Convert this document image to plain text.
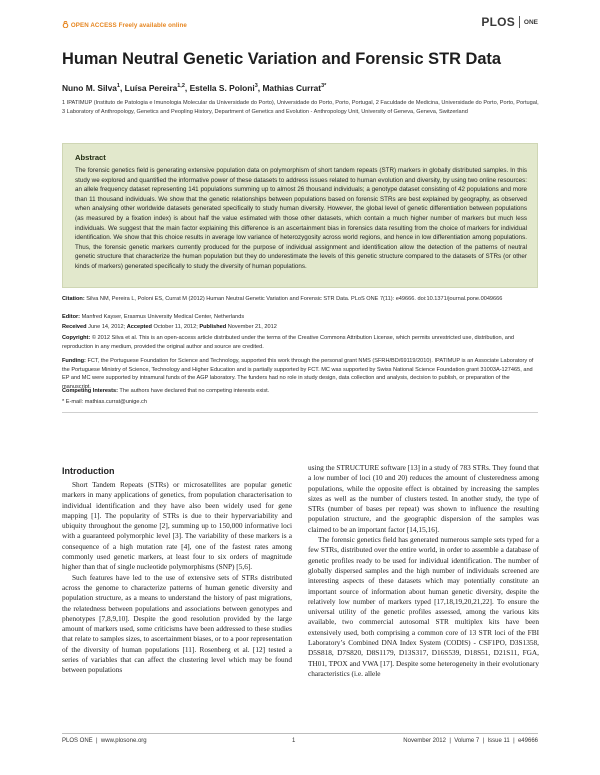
OPEN ACCESS Freely available online	PLOS ONE
Human Neutral Genetic Variation and Forensic STR Data
Nuno M. Silva$^1$, Luísa Pereira$^{1,2}$, Estella S. Poloni$^3$, Mathias Currat$^{3*}$
1 IPATIMUP (Instituto de Patologia e Imunologia Molecular da Universidade do Porto), Universidade do Porto, Porto, Portugal, 2 Faculdade de Medicina, Universidade do Porto, Porto, Portugal, 3 Laboratory of Anthropology, Genetics and Peopling History, Department of Genetics and Evolution - Anthropology Unit, University of Geneva, Geneva, Switzerland
Abstract
The forensic genetics field is generating extensive population data on polymorphism of short tandem repeats (STR) markers in globally distributed samples. In this study we explored and quantified the informative power of these datasets to address issues related to human evolution and diversity, by using two online resources: an allele frequency dataset representing 141 populations summing up to almost 26 thousand individuals; a genotype dataset consisting of 42 populations and more than 11 thousand individuals. We show that the genetic relationships between populations based on forensic STRs are best explained by geography, as observed when analysing other worldwide datasets generated specifically to study human diversity. However, the global level of genetic differentiation between populations (as measured by a fixation index) is about half the value estimated with those other datasets, which contain a much higher number of markers but much less individuals. We suggest that the main factor explaining this difference is an ascertainment bias in forensics data resulting from the choice of markers for individual identification. We show that this choice results in average low variance of heterozygosity across world regions, and hence in low differentiation among populations. Thus, the forensic genetic markers currently produced for the purpose of individual assignment and identification allow the detection of the patterns of neutral genetic structure that characterize the human population but they do underestimate the levels of this genetic structure compared to the datasets of STRs (or other kinds of markers) generated specifically to study the diversity of human populations.
Citation: Silva NM, Pereira L, Poloni ES, Currat M (2012) Human Neutral Genetic Variation and Forensic STR Data. PLoS ONE 7(11): e49666. doi:10.1371/journal.pone.0049666
Editor: Manfred Kayser, Erasmus University Medical Center, Netherlands
Received June 14, 2012; Accepted October 11, 2012; Published November 21, 2012
Copyright: © 2012 Silva et al. This is an open-access article distributed under the terms of the Creative Commons Attribution License, which permits unrestricted use, distribution, and reproduction in any medium, provided the original author and source are credited.
Funding: FCT, the Portuguese Foundation for Science and Technology, supported this work through the personal grant NMS (SFRH/BD/69119/2010). IPATIMUP is an Associate Laboratory of the Portuguese Ministry of Science, Technology and Higher Education and is partially supported by FCT. MC was supported by Swiss National Science Foundation grant 31003A-127465, and EP and MC were supported by intramural funds of the AGP laboratory. The funders had no role in study design, data collection and analysis, decision to publish, or preparation of the manuscript.
Competing Interests: The authors have declared that no competing interests exist.
* E-mail: mathias.currat@unige.ch
Introduction

Short Tandem Repeats (STRs) or microsatellites are popular genetic markers in many applications of genetics, from population characterisation to individual identification and they have also been widely used for gene mapping [1]. The popularity of STRs is due to their hypervariability and ubiquity throughout the genome [2], summing up to 150,000 informative loci with a guaranteed polymorphic level [3]. The variability of these markers is a consequence of a high mutation rate [4], one of the fastest rates among commonly used genetic markers, at least four to six orders of magnitude higher than that of single nucleotide polymorphisms (SNP) [5,6].

Such features have led to the use of extensive sets of STRs distributed across the genome to characterize patterns of human genetic diversity and population structure, as a means to understand the history of past migrations, the relatedness between populations and associations between genotypes and phenotypes [7,8,9,10]. Despite the good resolution provided by the large amount of markers used, some criticisms have been addressed to these studies that relate to samples sizes, to ascertainment biases, or to a poor representation of the diversity of human populations [11]. Rosenberg et al. [12] tested a series of variables that can affect the clustering level which may be found between populations

using the STRUCTURE software [13] in a study of 783 STRs. They found that a low number of loci (10 and 20) reduces the amount of clusteredness among populations, while the opposite effect is obtained by increasing the samples sizes as well as the number of clusters tested. In another study, the type of STRs (number of bases per repeat) was shown to influence the resulting population structure, and the geographic dispersion of the samples was claimed to be an important factor [14,15,16].

The forensic genetics field has generated numerous sample sets typed for a few STRs, distributed over the entire world, in order to assemble a database of genetic profiles ready to be used for individual identification. The number of globally dispersed samples and the high number of individuals screened are interesting aspects of these datasets which may potentially constitute an important source of information about human genetic diversity, despite the relatively low number of markers typed [17,18,19,20,21,22]. To ensure the universal utility of the genetic profiles assessed, among the various kits available, two commercial autosomal STR multiplex kits have been extensively used, both comprising a common core of 13 STR loci of the FBI Laboratory’s Combined DNA Index System (CODIS) - CSF1PO, D3S1358, D5S818, D7S820, D8S1179, D13S317, D16S539, D18S51, D21S11, FGA, TH01, TPOX and VWA [17]. Despite some heterogeneity in their evolutionary characteristics (i.e. allele

PLOS ONE  |  www.plosone.org	1	November 2012  |  Volume 7  |  Issue 11  |  e49666
